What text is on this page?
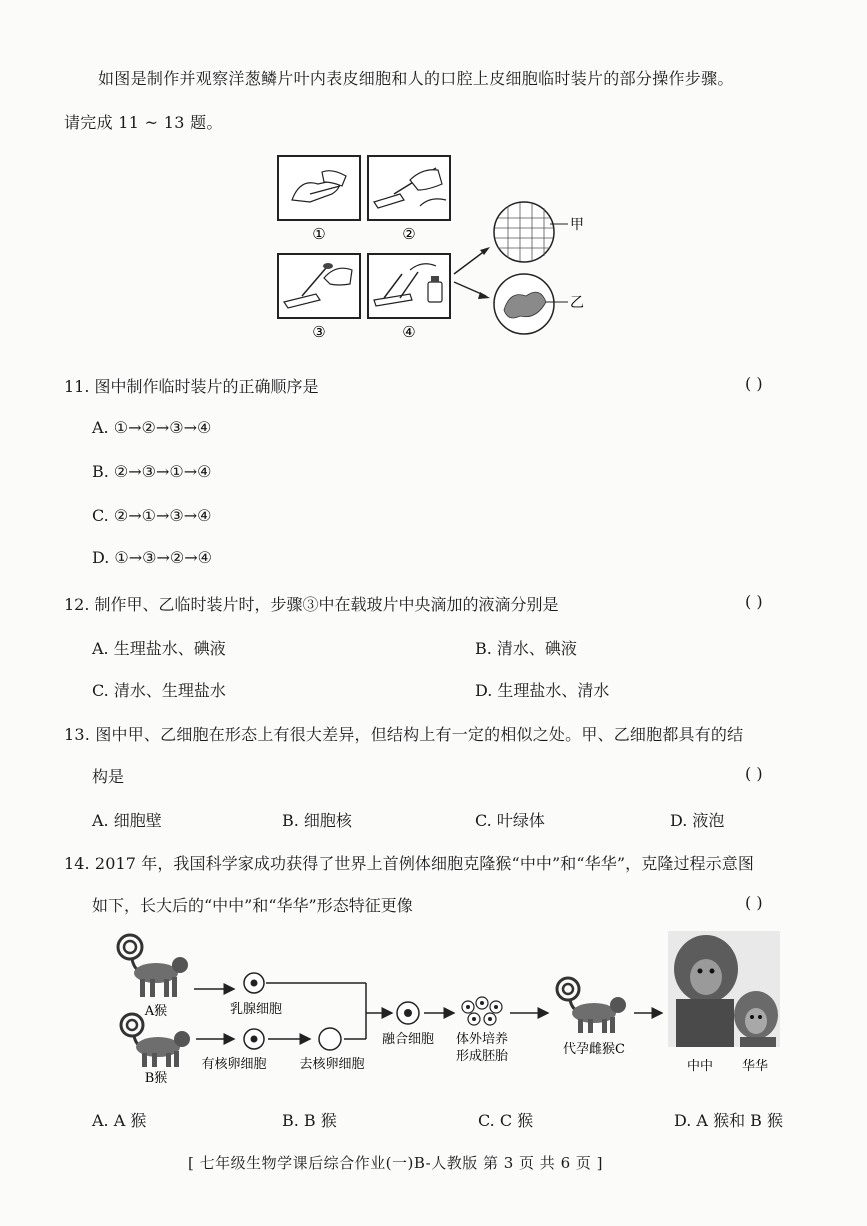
如图是制作并观察洋葱鳞片叶内表皮细胞和人的口腔上皮细胞临时装片的部分操作步骤。
请完成 11 ~ 13 题。
①	②
③	④
甲
乙
11. 图中制作临时装片的正确顺序是	( )
A. ①→②→③→④
B. ②→③→①→④
C. ②→①→③→④
D. ①→③→②→④
12. 制作甲、乙临时装片时，步骤③中在载玻片中央滴加的液滴分别是	( )
A. 生理盐水、碘液	B. 清水、碘液
C. 清水、生理盐水	D. 生理盐水、清水
13. 图中甲、乙细胞在形态上有很大差异，但结构上有一定的相似之处。甲、乙细胞都具有的结
构是	( )
A. 细胞壁	B. 细胞核	C. 叶绿体	D. 液泡
14. 2017 年，我国科学家成功获得了世界上首例体细胞克隆猴“中中”和“华华”，克隆过程示意图
如下，长大后的“中中”和“华华”形态特征更像	( )
A猴
B猴
乳腺细胞
有核卵细胞	去核卵细胞
融合细胞 体外培养
形成胚胎	代孕雌猴C
中中 华华
A. A 猴	B. B 猴	C. C 猴	D. A 猴和 B 猴
[ 七年级生物学课后综合作业(一)B-人教版 第 3 页 共 6 页 ]
